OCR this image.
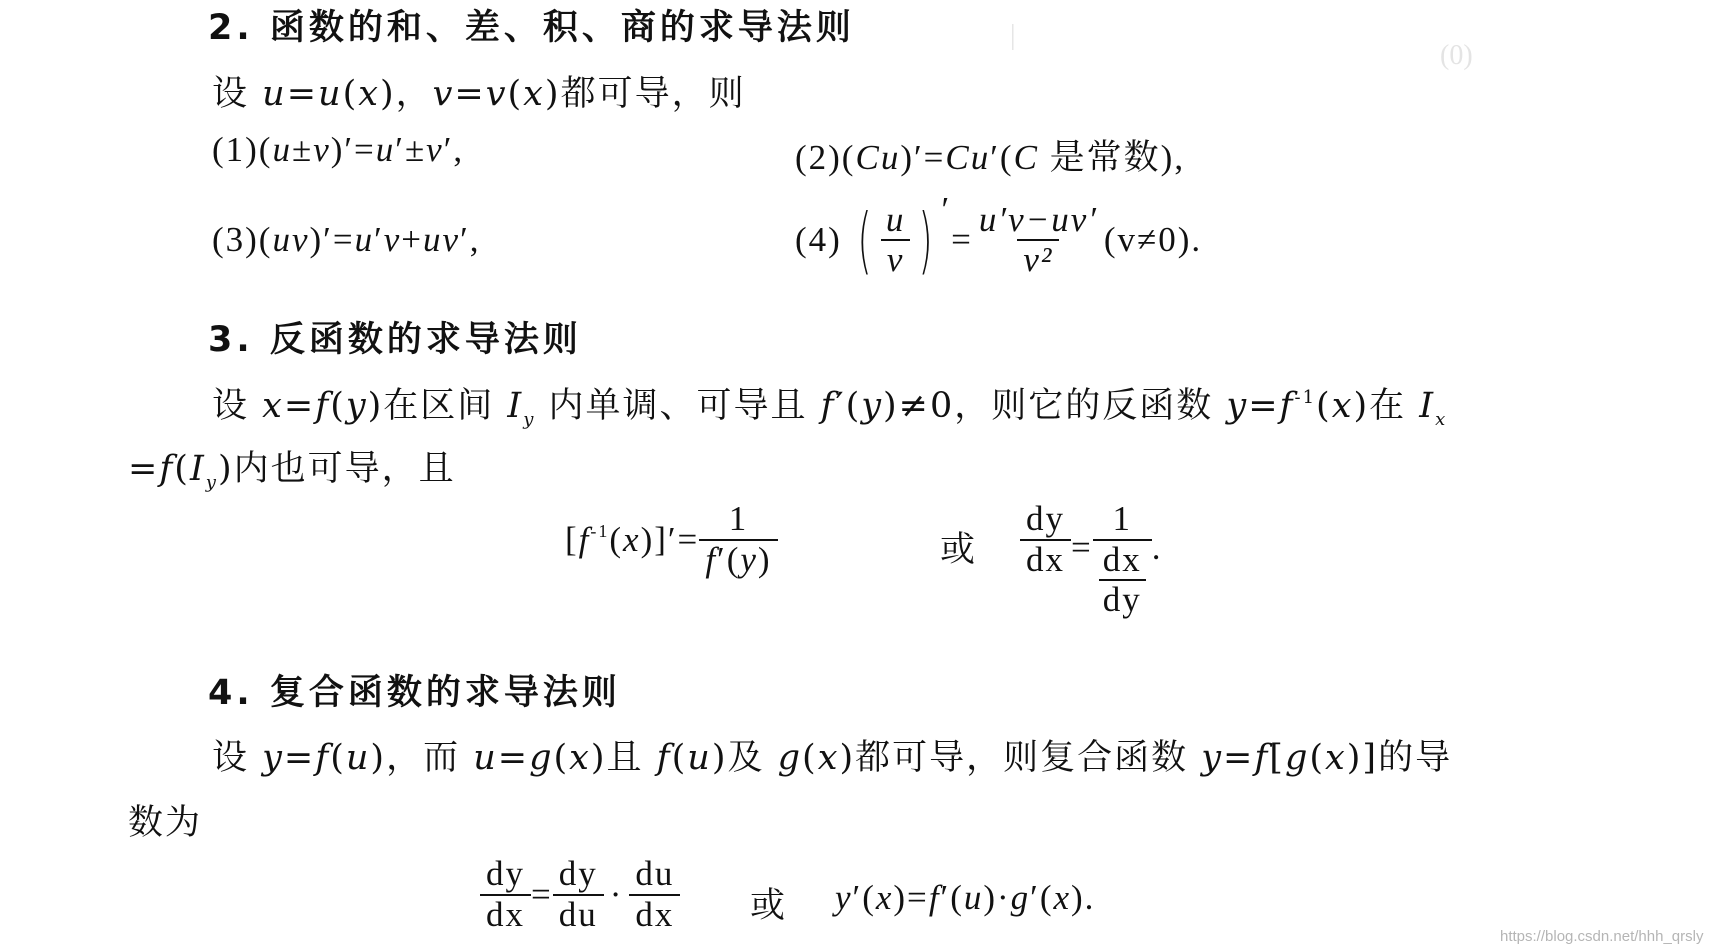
(0)
|
2. 函数的和、差、积、商的求导法则
设 u=u(x)，v=v(x)都可导，则
(1)(u±v)′=u′±v′,	(2)(Cu)′=Cu′(C 是常数),
(3)(uv)′=u′v+uv′,	(4) ( $\frac{u}{v}$ ) ′
= $\frac{u'v-uv'}{\text{v²}} (v\ne 0)$.
3. 反函数的求导法则
设 x=f(y)在区间 $I_y$ 内单调、可导且 f′(y)≠0，则它的反函数 $y=f^{-1}(x)$在 $I_x$
$=f(I_y)$内也可导，且
$[f^{-1}(x)]'= \frac{1}{f'(y)}$	或 $\frac{dy}{dx} = \frac{1}{\frac{dx}{dy}}$ .
4. 复合函数的求导法则
设 y=f(u)，而 u=g(x)且 f(u)及 g(x)都可导，则复合函数 y=f[g(x)]的导
数为
$\frac{dy}{dx} = \frac{dy}{du} \cdot \frac{du}{dx}$ 或 y′(x)=f′(u)·g′(x).
https://blog.csdn.net/hhh_qrsly
